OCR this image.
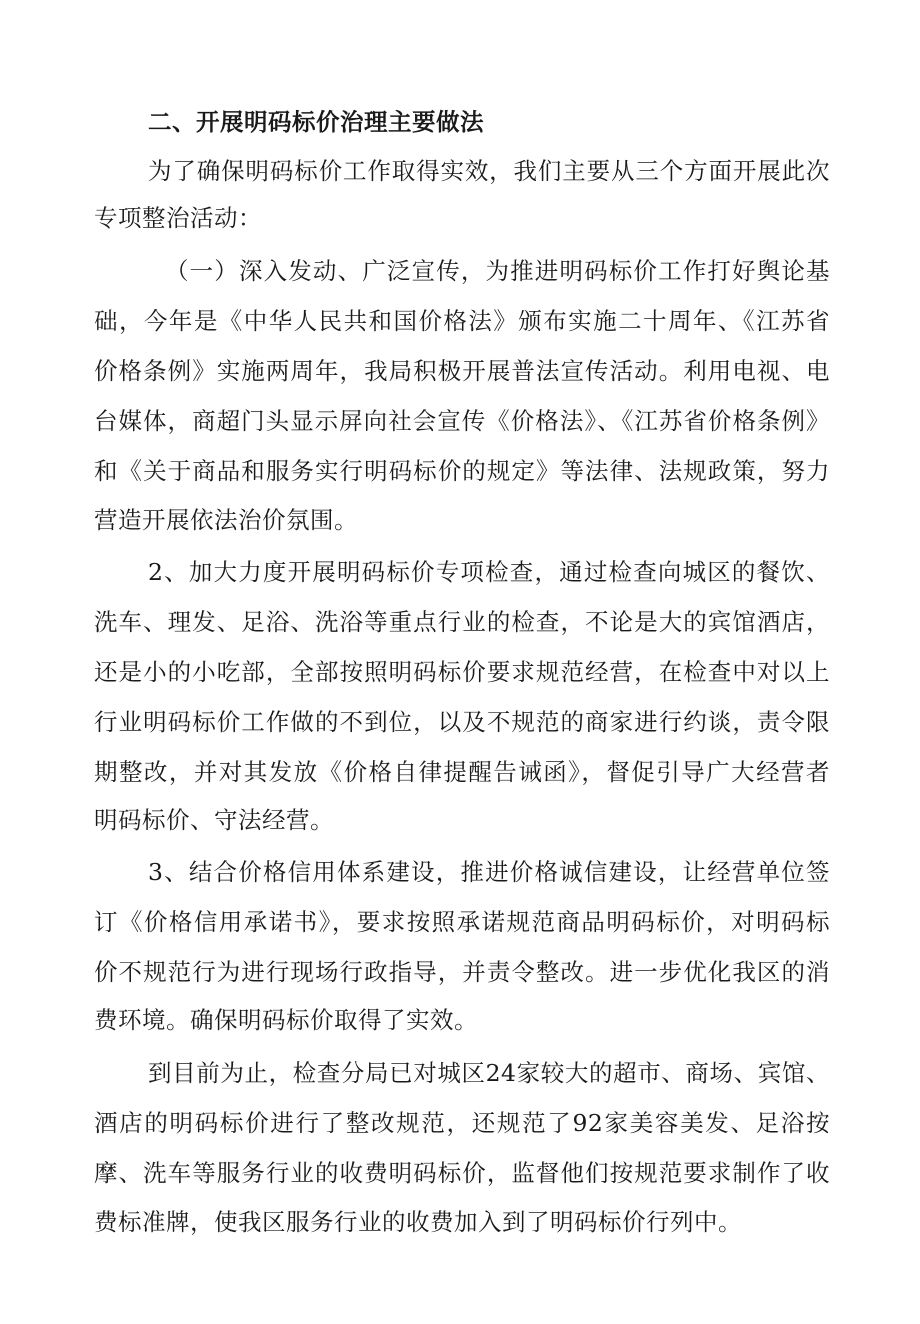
二、开展明码标价治理主要做法
为了确保明码标价工作取得实效，我们主要从三个方面开展此次
专项整治活动：
（一）深入发动、广泛宣传，为推进明码标价工作打好舆论基
础，今年是《中华人民共和国价格法》颁布实施二十周年、《江苏省
价格条例》实施两周年，我局积极开展普法宣传活动。利用电视、电
台媒体，商超门头显示屏向社会宣传《价格法》、《江苏省价格条例》
和《关于商品和服务实行明码标价的规定》等法律、法规政策，努力
营造开展依法治价氛围。
2、加大力度开展明码标价专项检查，通过检查向城区的餐饮、
洗车、理发、足浴、洗浴等重点行业的检查，不论是大的宾馆酒店，
还是小的小吃部，全部按照明码标价要求规范经营，在检查中对以上
行业明码标价工作做的不到位，以及不规范的商家进行约谈，责令限
期整改，并对其发放《价格自律提醒告诫函》，督促引导广大经营者
明码标价、守法经营。
3、结合价格信用体系建设，推进价格诚信建设，让经营单位签
订《价格信用承诺书》，要求按照承诺规范商品明码标价，对明码标
价不规范行为进行现场行政指导，并责令整改。进一步优化我区的消
费环境。确保明码标价取得了实效。
到目前为止，检查分局已对城区24家较大的超市、商场、宾馆、
酒店的明码标价进行了整改规范，还规范了92家美容美发、足浴按
摩、洗车等服务行业的收费明码标价，监督他们按规范要求制作了收
费标准牌，使我区服务行业的收费加入到了明码标价行列中。
